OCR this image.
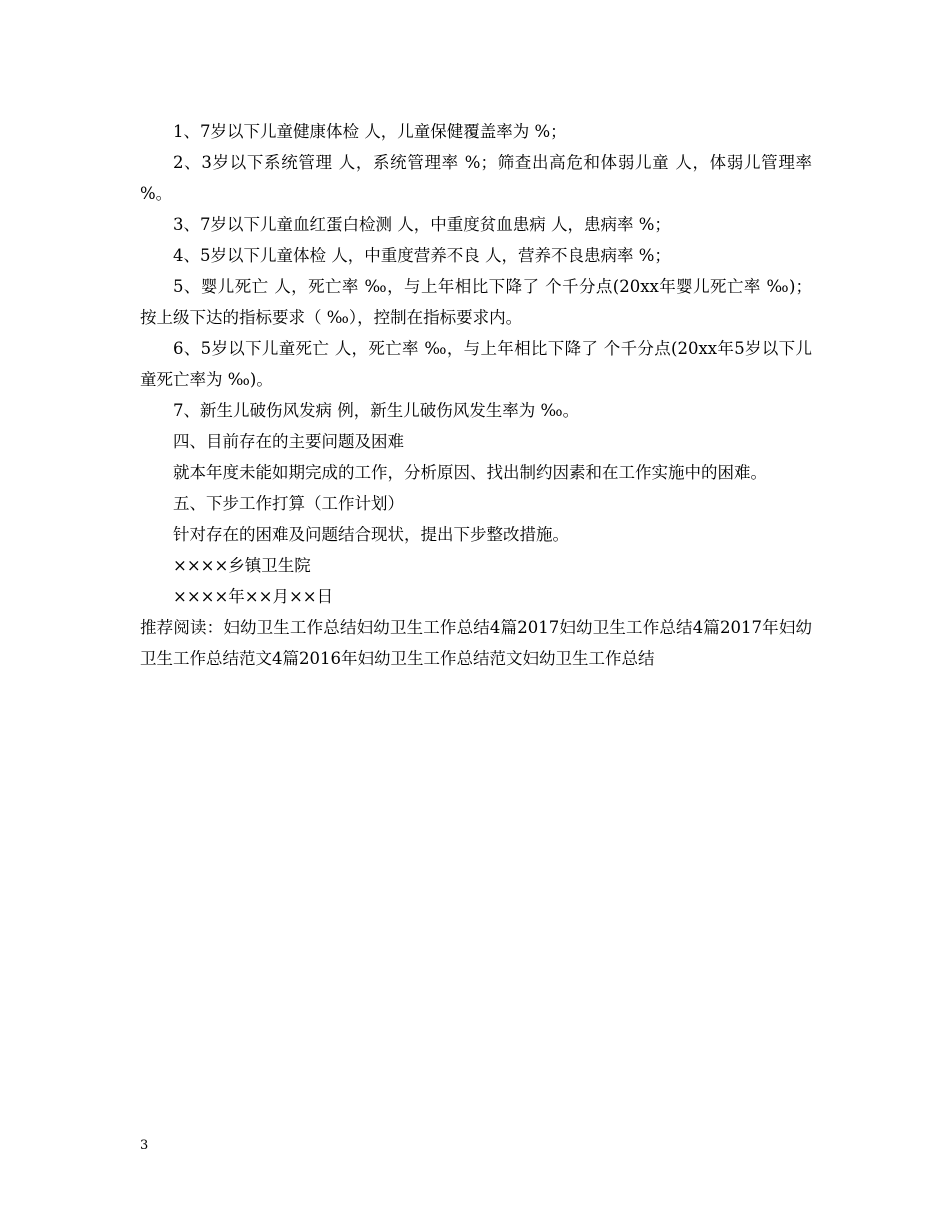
1、7岁以下儿童健康体检 人，儿童保健覆盖率为 %；

2、3岁以下系统管理 人，系统管理率 %；筛查出高危和体弱儿童 人，体弱儿管理率 %。

3、7岁以下儿童血红蛋白检测 人，中重度贫血患病 人，患病率 %；

4、5岁以下儿童体检 人，中重度营养不良 人，营养不良患病率 %；

5、婴儿死亡 人，死亡率 ‰，与上年相比下降了 个千分点(20xx年婴儿死亡率 ‰)；按上级下达的指标要求（ ‰），控制在指标要求内。

6、5岁以下儿童死亡 人，死亡率 ‰，与上年相比下降了 个千分点(20xx年5岁以下儿童死亡率为 ‰)。

7、新生儿破伤风发病 例，新生儿破伤风发生率为 ‰。

四、目前存在的主要问题及困难

就本年度未能如期完成的工作，分析原因、找出制约因素和在工作实施中的困难。

五、下步工作打算（工作计划）

针对存在的困难及问题结合现状，提出下步整改措施。

××××乡镇卫生院

××××年××月××日

推荐阅读：妇幼卫生工作总结妇幼卫生工作总结4篇2017妇幼卫生工作总结4篇2017年妇幼卫生工作总结范文4篇2016年妇幼卫生工作总结范文妇幼卫生工作总结

3
